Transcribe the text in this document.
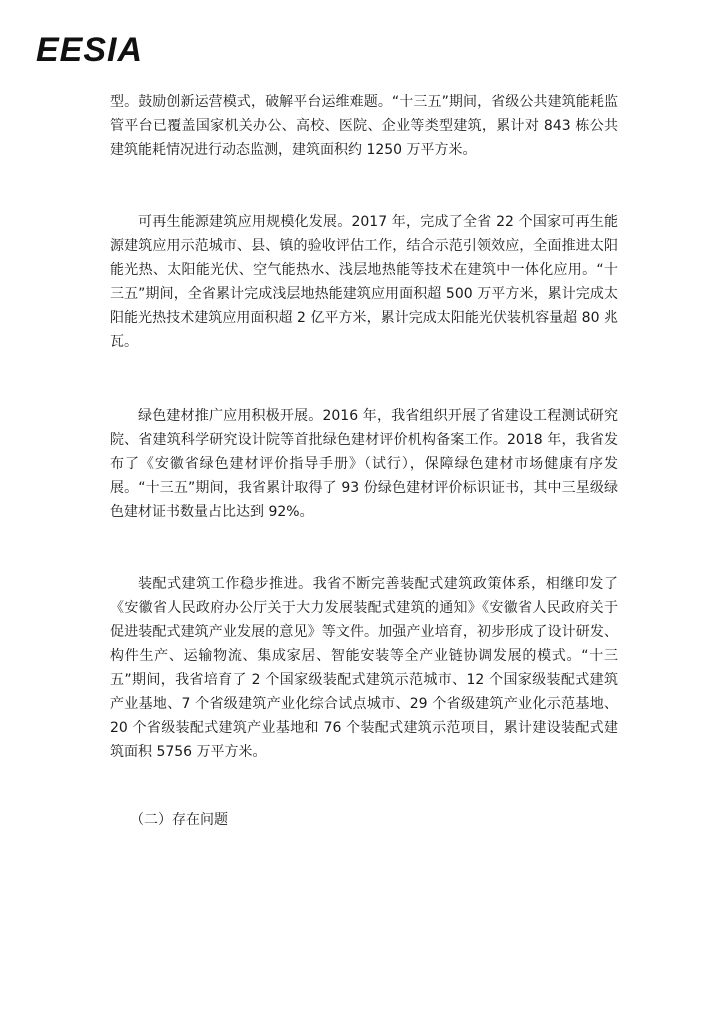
EESIA

型。鼓励创新运营模式，破解平台运维难题。“十三五”期间，省级公共建筑能耗监管平台已覆盖国家机关办公、高校、医院、企业等类型建筑，累计对 843 栋公共建筑能耗情况进行动态监测，建筑面积约 1250 万平方米。

可再生能源建筑应用规模化发展。2017 年，完成了全省 22 个国家可再生能源建筑应用示范城市、县、镇的验收评估工作，结合示范引领效应，全面推进太阳能光热、太阳能光伏、空气能热水、浅层地热能等技术在建筑中一体化应用。“十三五”期间，全省累计完成浅层地热能建筑应用面积超 500 万平方米，累计完成太阳能光热技术建筑应用面积超 2 亿平方米，累计完成太阳能光伏装机容量超 80 兆瓦。

绿色建材推广应用积极开展。2016 年，我省组织开展了省建设工程测试研究院、省建筑科学研究设计院等首批绿色建材评价机构备案工作。2018 年，我省发布了《安徽省绿色建材评价指导手册》（试行），保障绿色建材市场健康有序发展。“十三五”期间，我省累计取得了 93 份绿色建材评价标识证书，其中三星级绿色建材证书数量占比达到 92%。

装配式建筑工作稳步推进。我省不断完善装配式建筑政策体系，相继印发了《安徽省人民政府办公厅关于大力发展装配式建筑的通知》《安徽省人民政府关于促进装配式建筑产业发展的意见》等文件。加强产业培育，初步形成了设计研发、构件生产、运输物流、集成家居、智能安装等全产业链协调发展的模式。“十三五”期间，我省培育了 2 个国家级装配式建筑示范城市、12 个国家级装配式建筑产业基地、7 个省级建筑产业化综合试点城市、29 个省级建筑产业化示范基地、20 个省级装配式建筑产业基地和 76 个装配式建筑示范项目，累计建设装配式建筑面积 5756 万平方米。

（二）存在问题
